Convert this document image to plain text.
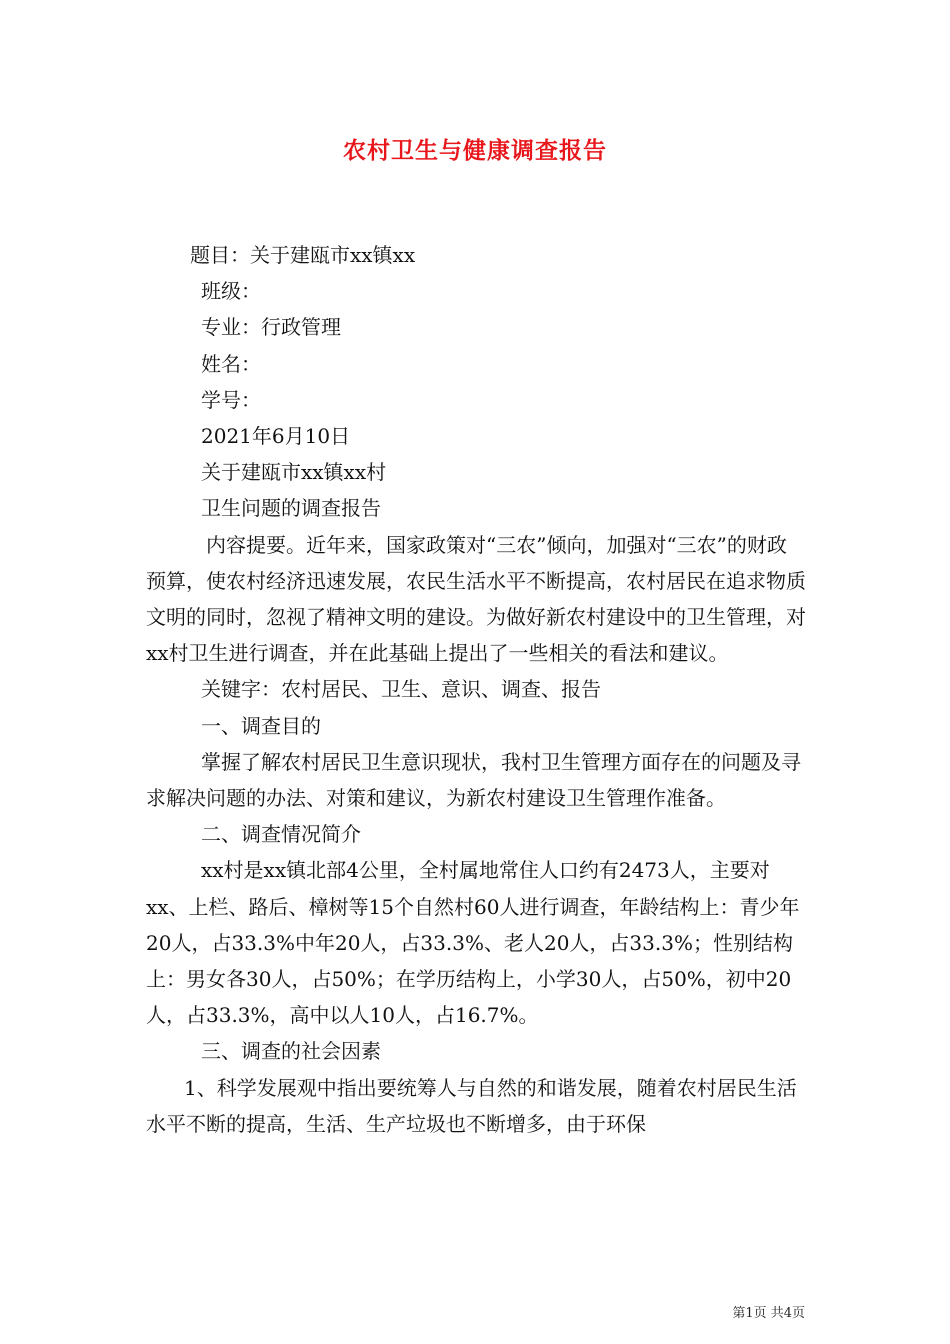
农村卫生与健康调查报告

题目：关于建瓯市xx镇xx

班级：

专业：行政管理

姓名：

学号：

2021年6月10日

关于建瓯市xx镇xx村

卫生问题的调查报告

内容提要。近年来，国家政策对“三农”倾向，加强对“三农”的财政预算，使农村经济迅速发展，农民生活水平不断提高，农村居民在追求物质文明的同时，忽视了精神文明的建设。为做好新农村建设中的卫生管理，对xx村卫生进行调查，并在此基础上提出了一些相关的看法和建议。

关键字：农村居民、卫生、意识、调查、报告

一、调查目的

掌握了解农村居民卫生意识现状，我村卫生管理方面存在的问题及寻求解决问题的办法、对策和建议，为新农村建设卫生管理作准备。

二、调查情况简介

xx村是xx镇北部4公里，全村属地常住人口约有2473人，主要对xx、上栏、路后、樟树等15个自然村60人进行调查，年龄结构上：青少年20人，占33.3%中年20人，占33.3%、老人20人，占33.3%；性别结构上：男女各30人，占50%；在学历结构上，小学30人，占50%，初中20人，占33.3%，高中以人10人，占16.7%。

三、调查的社会因素

1、科学发展观中指出要统筹人与自然的和谐发展，随着农村居民生活水平不断的提高，生活、生产垃圾也不断增多，由于环保

第1页 共4页
